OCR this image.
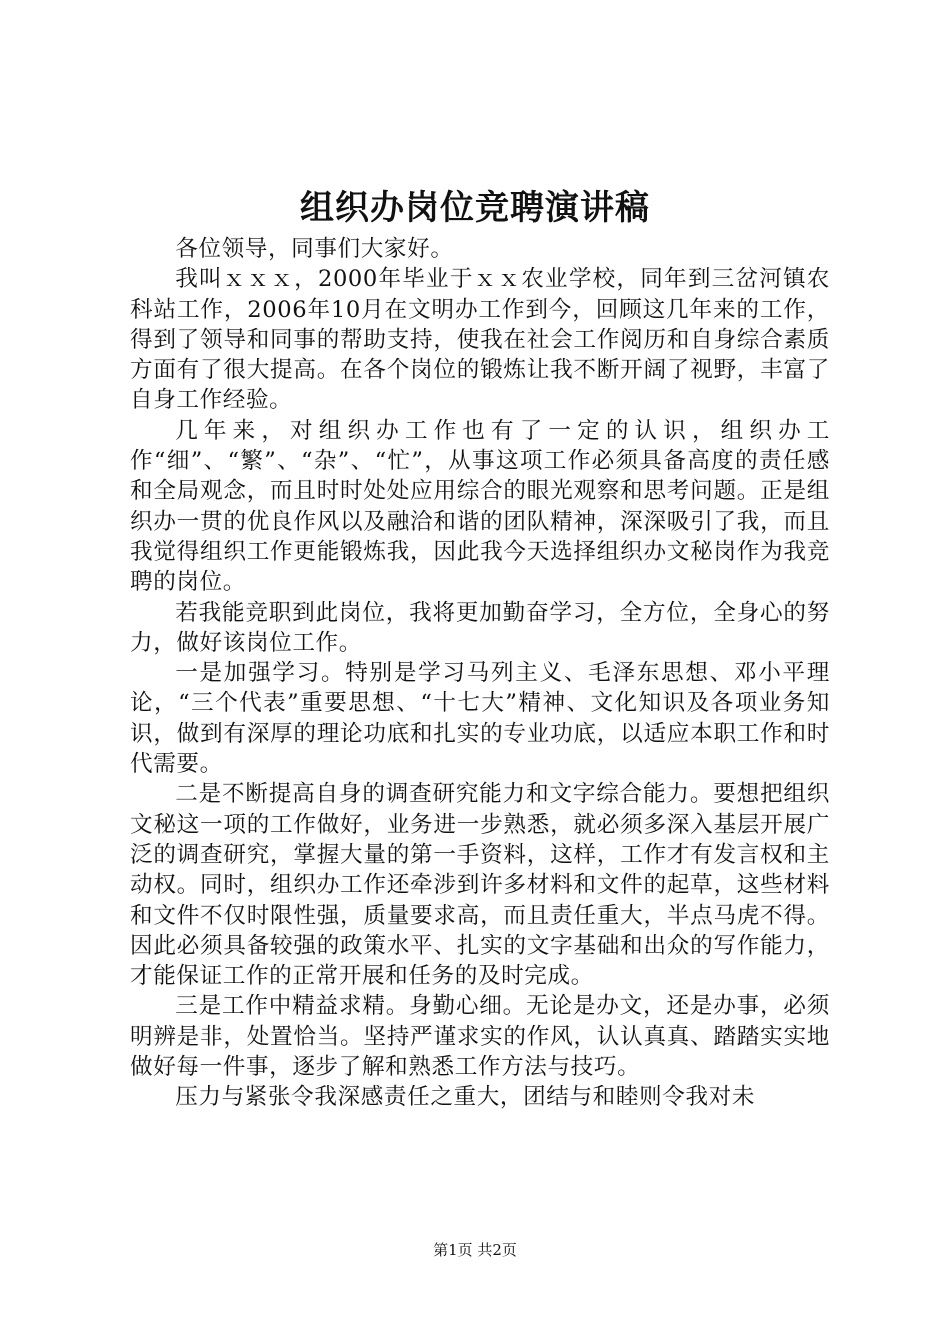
组织办岗位竞聘演讲稿

各位领导，同事们大家好。

我叫ｘｘｘ，2000年毕业于ｘｘ农业学校，同年到三岔河镇农科站工作，2006年10月在文明办工作到今，回顾这几年来的工作，得到了领导和同事的帮助支持，使我在社会工作阅历和自身综合素质方面有了很大提高。在各个岗位的锻炼让我不断开阔了视野，丰富了自身工作经验。

几年来，对组织办工作也有了一定的认识，组织办工作“细”、“繁”、“杂”、“忙”，从事这项工作必须具备高度的责任感和全局观念，而且时时处处应用综合的眼光观察和思考问题。正是组织办一贯的优良作风以及融洽和谐的团队精神，深深吸引了我，而且我觉得组织工作更能锻炼我，因此我今天选择组织办文秘岗作为我竞聘的岗位。

若我能竞职到此岗位，我将更加勤奋学习，全方位，全身心的努力，做好该岗位工作。

一是加强学习。特别是学习马列主义、毛泽东思想、邓小平理论，“三个代表”重要思想、“十七大”精神、文化知识及各项业务知识，做到有深厚的理论功底和扎实的专业功底，以适应本职工作和时代需要。

二是不断提高自身的调查研究能力和文字综合能力。要想把组织文秘这一项的工作做好，业务进一步熟悉，就必须多深入基层开展广泛的调查研究，掌握大量的第一手资料，这样，工作才有发言权和主动权。同时，组织办工作还牵涉到许多材料和文件的起草，这些材料和文件不仅时限性强，质量要求高，而且责任重大，半点马虎不得。因此必须具备较强的政策水平、扎实的文字基础和出众的写作能力，才能保证工作的正常开展和任务的及时完成。

三是工作中精益求精。身勤心细。无论是办文，还是办事，必须明辨是非，处置恰当。坚持严谨求实的作风，认认真真、踏踏实实地做好每一件事，逐步了解和熟悉工作方法与技巧。

压力与紧张令我深感责任之重大，团结与和睦则令我对未

第1页 共2页
